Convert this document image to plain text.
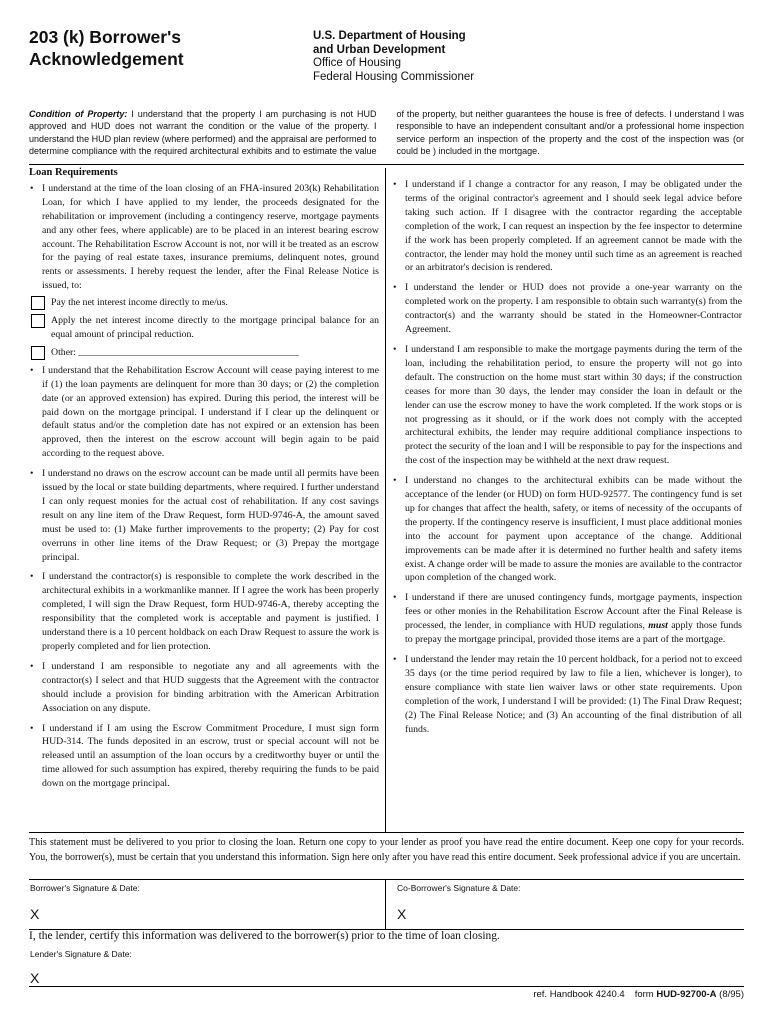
203 (k) Borrower's Acknowledgement
U.S. Department of Housing
and Urban Development
Office of Housing
Federal Housing Commissioner
Condition of Property: I understand that the property I am purchasing is not HUD approved and HUD does not warrant the condition or the value of the property. I understand the HUD plan review (where performed) and the appraisal are performed to determine compliance with the required architectural exhibits and to estimate the value of the property, but neither guarantees the house is free of defects. I understand I was responsible to have an independent consultant and/or a professional home inspection service perform an inspection of the property and the cost of the inspection was (or could be ) included in the mortgage.
Loan Requirements
• I understand at the time of the loan closing of an FHA-insured 203(k) Rehabilitation Loan, for which I have applied to my lender, the proceeds designated for the rehabilitation or improvement (including a contingency reserve, mortgage payments and any other fees, where applicable) are to be placed in an interest bearing escrow account. The Rehabilitation Escrow Account is not, nor will it be treated as an escrow for the paying of real estate taxes, insurance premiums, delinquent notes, ground rents or assessments. I hereby request the lender, after the Final Release Notice is issued, to:
Pay the net interest income directly to me/us.
Apply the net interest income directly to the mortgage principal balance for an equal amount of principal reduction.
Other: _____________________________________________
• I understand that the Rehabilitation Escrow Account will cease paying interest to me if (1) the loan payments are delinquent for more than 30 days; or (2) the completion date (or an approved extension) has expired. During this period, the interest will be paid down on the mortgage principal. I understand if I clear up the delinquent or default status and/or the completion date has not expired or an extension has been approved, then the interest on the escrow account will begin again to be paid according to the request above.
• I understand no draws on the escrow account can be made until all permits have been issued by the local or state building departments, where required. I further understand I can only request monies for the actual cost of rehabilitation. If any cost savings result on any line item of the Draw Request, form HUD-9746-A, the amount saved must be used to: (1) Make further improvements to the property; (2) Pay for cost overruns in other line items of the Draw Request; or (3) Prepay the mortgage principal.
• I understand the contractor(s) is responsible to complete the work described in the architectural exhibits in a workmanlike manner. If I agree the work has been properly completed, I will sign the Draw Request, form HUD-9746-A, thereby accepting the responsibility that the completed work is acceptable and payment is justified. I understand there is a 10 percent holdback on each Draw Request to assure the work is properly completed and for lien protection.
• I understand I am responsible to negotiate any and all agreements with the contractor(s) I select and that HUD suggests that the Agreement with the contractor should include a provision for binding arbitration with the American Arbitration Association on any dispute.
• I understand if I am using the Escrow Commitment Procedure, I must sign form HUD-314. The funds deposited in an escrow, trust or special account will not be released until an assumption of the loan occurs by a creditworthy buyer or until the time allowed for such assumption has expired, thereby requiring the funds to be paid down on the mortgage principal.
• I understand if I change a contractor for any reason, I may be obligated under the terms of the original contractor's agreement and I should seek legal advice before taking such action. If I disagree with the contractor regarding the acceptable completion of the work, I can request an inspection by the fee inspector to determine if the work has been properly completed. If an agreement cannot be made with the contractor, the lender may hold the money until such time as an agreement is reached or an arbitrator's decision is rendered.
• I understand the lender or HUD does not provide a one-year warranty on the completed work on the property. I am responsible to obtain such warranty(s) from the contractor(s) and the warranty should be stated in the Homeowner-Contractor Agreement.
• I understand I am responsible to make the mortgage payments during the term of the loan, including the rehabilitation period, to ensure the property will not go into default. The construction on the home must start within 30 days; if the construction ceases for more than 30 days, the lender may consider the loan in default or the lender can use the escrow money to have the work completed. If the work stops or is not progressing as it should, or if the work does not comply with the accepted architectural exhibits, the lender may require additional compliance inspections to protect the security of the loan and I will be responsible to pay for the inspections and the cost of the inspection may be withheld at the next draw request.
• I understand no changes to the architectural exhibits can be made without the acceptance of the lender (or HUD) on form HUD-92577. The contingency fund is set up for changes that affect the health, safety, or items of necessity of the occupants of the property. If the contingency reserve is insufficient, I must place additional monies into the account for payment upon acceptance of the change. Additional improvements can be made after it is determined no further health and safety items exist. A change order will be made to assure the monies are available to the contractor upon completion of the changed work.
• I understand if there are unused contingency funds, mortgage payments, inspection fees or other monies in the Rehabilitation Escrow Account after the Final Release is processed, the lender, in compliance with HUD regulations, must apply those funds to prepay the mortgage principal, provided those items are a part of the mortgage.
• I understand the lender may retain the 10 percent holdback, for a period not to exceed 35 days (or the time period required by law to file a lien, whichever is longer), to ensure compliance with state lien waiver laws or other state requirements. Upon completion of the work, I understand I will be provided: (1) The Final Draw Request; (2) The Final Release Notice; and (3) An accounting of the final distribution of all funds.
This statement must be delivered to you prior to closing the loan. Return one copy to your lender as proof you have read the entire document. Keep one copy for your records. You, the borrower(s), must be certain that you understand this information. Sign here only after you have read this entire document. Seek professional advice if you are uncertain.
Borrower's Signature & Date:	Co-Borrower's Signature & Date:
X	X
I, the lender, certify this information was delivered to the borrower(s) prior to the time of loan closing.
Lender's Signature & Date:
X
ref. Handbook 4240.4 form HUD-92700-A (8/95)
